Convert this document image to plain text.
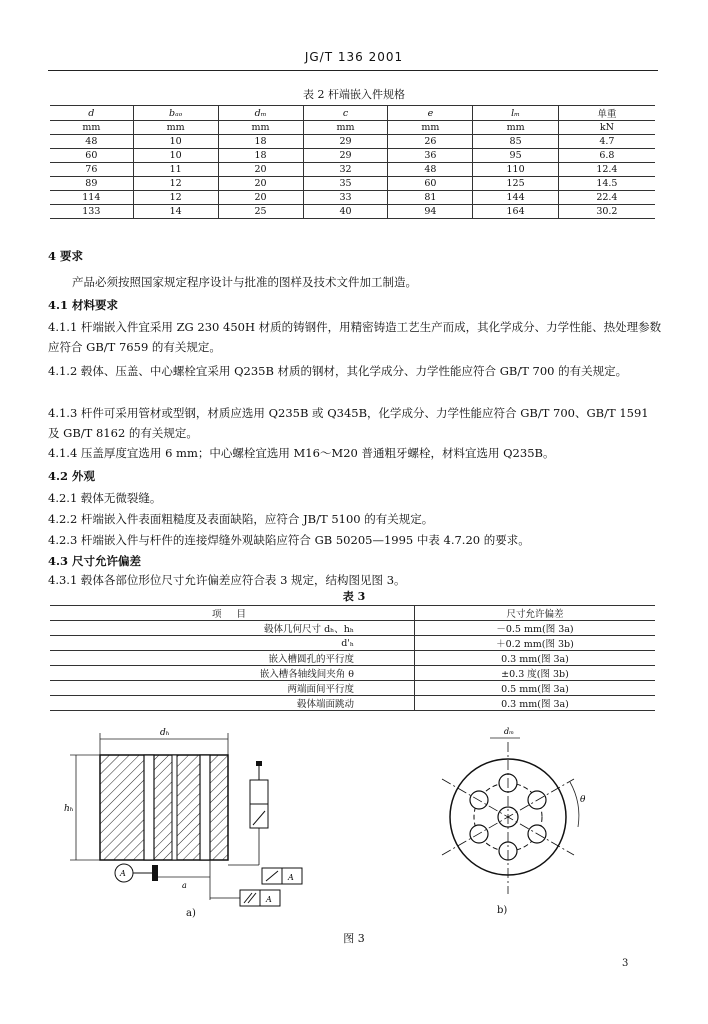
JG/T 136 2001
表 2 杆端嵌入件规格
d	bₐₒ	dₘ	c	e	lₘ	单重
mm	mm	mm	mm	mm	mm	kN
48	10	18	29	26	85	4.7
60	10	18	29	36	95	6.8
76	11	20	32	48	110	12.4
89	12	20	35	60	125	14.5
114	12	20	33	81	144	22.4
133	14	25	40	94	164	30.2
4 要求
产品必须按照国家规定程序设计与批准的图样及技术文件加工制造。
4.1 材料要求
4.1.1 杆端嵌入件宜采用 ZG 230 450H 材质的铸钢件，用精密铸造工艺生产而成，其化学成分、力学性能、热处理参数应符合 GB/T 7659 的有关规定。
4.1.2 毂体、压盖、中心螺栓宜采用 Q235B 材质的钢材，其化学成分、力学性能应符合 GB/T 700 的有关规定。
4.1.3 杆件可采用管材或型钢，材质应选用 Q235B 或 Q345B，化学成分、力学性能应符合 GB/T 700、GB/T 1591 及 GB/T 8162 的有关规定。
4.1.4 压盖厚度宜选用 6 mm；中心螺栓宜选用 M16～M20 普通粗牙螺栓，材料宜选用 Q235B。
4.2 外观
4.2.1 毂体无微裂缝。
4.2.2 杆端嵌入件表面粗糙度及表面缺陷，应符合 JB/T 5100 的有关规定。
4.2.3 杆端嵌入件与杆件的连接焊缝外观缺陷应符合 GB 50205—1995 中表 4.7.20 的要求。
4.3 尺寸允许偏差
4.3.1 毂体各部位形位尺寸允许偏差应符合表 3 规定，结构图见图 3。
表 3
项 目	尺寸允许偏差
毂体几何尺寸 dₕ、hₕ	－0.5 mm(图 3a)
d'ₕ	＋0.2 mm(图 3b)
嵌入槽圆孔的平行度	0.3 mm(图 3a)
嵌入槽各轴线间夹角 θ	±0.3 度(图 3b)
两端面间平行度	0.5 mm(图 3a)
毂体端面跳动	0.3 mm(图 3a)
dₕ
hₕ
A
a
A
A
a)
dₘ
θ
b)
图 3
3
